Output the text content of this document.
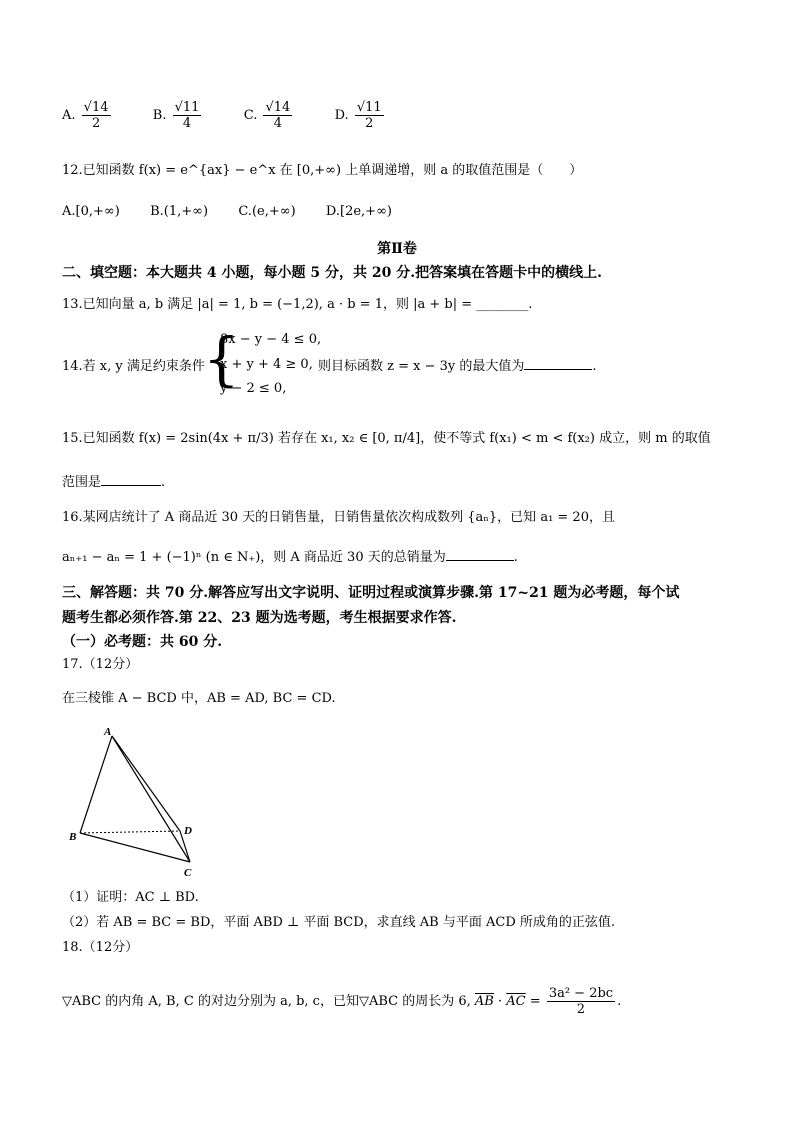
A. $\frac{√14}{2}$	B. $\frac{√11}{4}$	C. $\frac{√14}{4}$	D. $\frac{√11}{2}$
12.已知函数 f(x) = e^{ax} − e^x 在 [0,+∞) 上单调递增，则 a 的取值范围是（　　）
A.[0,+∞) B.(1,+∞) C.(e,+∞) D.[2e,+∞)
第Ⅱ卷
二、填空题：本大题共 4 小题，每小题 5 分，共 20 分.把答案填在答题卡中的横线上.
13.已知向量 a, b 满足 |a| = 1, b = (−1,2), a · b = 1，则 |a + b| = ________.
14.若 x, y 满足约束条件
{
8x − y − 4 ≤ 0,
x + y + 4 ≥ 0,
y − 2 ≤ 0,
则目标函数 z = x − 3y 的最大值为	.
15.已知函数 f(x) = 2sin(4x + π/3) 若存在 x₁, x₂ ∈ [0, π/4]，使不等式 f(x₁) < m < f(x₂) 成立，则 m 的取值
范围是	.
16.某网店统计了 A 商品近 30 天的日销售量，日销售量依次构成数列 {aₙ}，已知 a₁ = 20，且
aₙ₊₁ − aₙ = 1 + (−1)ⁿ (n ∈ N₊)，则 A 商品近 30 天的总销量为	.
三、解答题：共 70 分.解答应写出文字说明、证明过程或演算步骤.第 17~21 题为必考题，每个试
题考生都必须作答.第 22、23 题为选考题，考生根据要求作答.
（一）必考题：共 60 分.
17.（12分）
在三棱锥 A − BCD 中，AB = AD, BC = CD.
A
B
C
D
（1）证明：AC ⊥ BD.
（2）若 AB = BC = BD，平面 ABD ⊥ 平面 BCD，求直线 AB 与平面 ACD 所成角的正弦值.
18.（12分）
▽ABC 的内角 A, B, C 的对边分别为 a, b, c，已知▽ABC 的周长为 6, $\overline{AB} \cdot \overline{AC} = \frac{\text{3a² − 2bc}}{2}$ .
